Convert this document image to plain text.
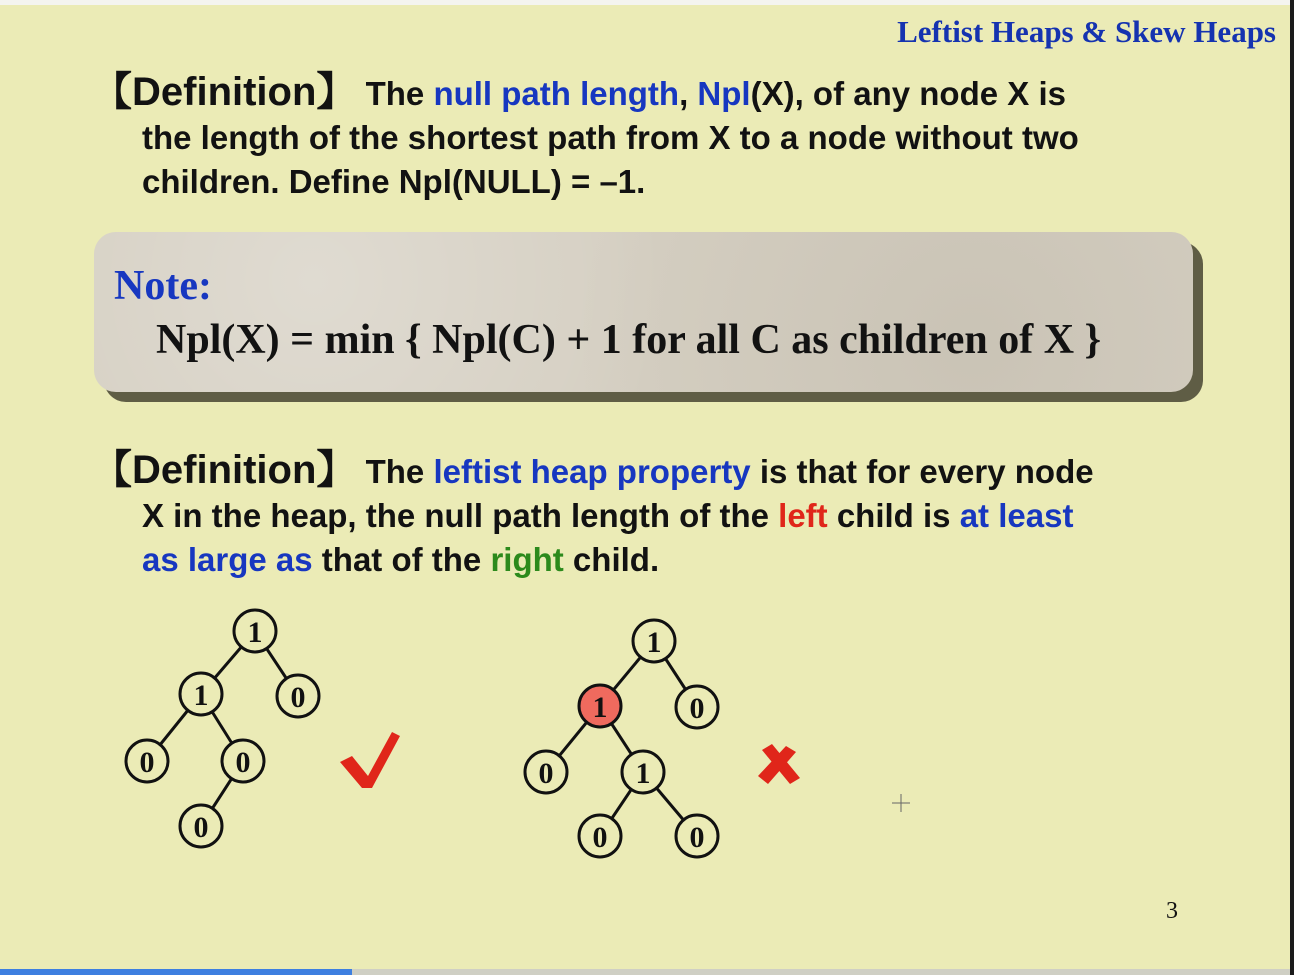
Leftist Heaps & Skew Heaps
【Definition】 The null path length, Npl(X), of any node X is
the length of the shortest path from X to a node without two
children. Define Npl(NULL) = –1.
Note:
Npl(X) = min { Npl(C) + 1 for all C as children of X }
【Definition】 The leftist heap property is that for every node
X in the heap, the null path length of the left child is at least
as large as that of the right child.
1
1	0
0	0
0
1
1	0
0	1
0	0
3
